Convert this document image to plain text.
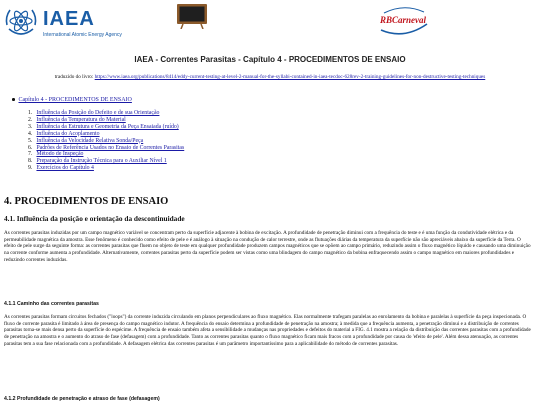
IAEA
International Atomic Energy Agency
RBCarneval
IAEA - Correntes Parasitas - Capítulo 4 - PROCEDIMENTOS DE ENSAIO
traduzido do livro: https://www.iaea.org/publications/8414/eddy-current-testing-at-level-2-manual-for-the-syllabi-contained-in-iaea-tecdoc-628rev-2-training-guidelines-for-non-destructive-testing-techniques
Capítulo 4 - PROCEDIMENTOS DE ENSAIO
1. Influência da Posição do Defeito e de sua Orientação
2. Influência da Temperatura do Material
3. Influência da Estrutura e Geometria da Peça Ensaiada (ruído)
4. Influência do Acoplamento
5. Influência da Velocidade Relativa Sonda/Peça
6. Padrões de Referência Usados no Ensaio de Correntes Parasitas
7. Método de Inspeção
8. Preparação da Instrução Técnica para o Auxiliar Nível 1
9. Exercícios do Capítulo 4
4. PROCEDIMENTOS DE ENSAIO
4.1. Influência da posição e orientação da descontinuidade

As correntes parasitas induzidas por um campo magnético variável se concentram perto da superfície adjacente à bobina de excitação. A profundidade de penetração diminui com a frequência do teste e é uma função da condutividade elétrica e da permeabilidade magnética da amostra. Esse fenômeno é conhecido como efeito de pele e é análogo à situação na condução de calor terrestre, onde as flutuações diárias da temperatura da superfície não são apreciáveis abaixo da superfície da Terra. O efeito de pele surge da seguinte forma: as correntes parasitas que fluem no objeto de teste em qualquer profundidade produzem campos magnéticos que se opõem ao campo primário, reduzindo assim o fluxo magnético líquido e causando uma diminuição na corrente conforme aumenta a profundidade. Alternativamente, correntes parasitas perto da superfície podem ser vistas como uma blindagem do campo magnético da bobina enfraquecendo assim o campo magnético em maiores profundidades e reduzindo correntes induzidas.

4.1.1 Caminho das correntes parasitas

As correntes parasitas formam circuitos fechados ("loops") da corrente induzida circulando em planos perpendiculares ao fluxo magnético. Elas normalmente trafegam paralelas ao enrolamento da bobina e paralelas à superfície da peça inspecionada. O fluxo de corrente parasita é limitado à área de presença do campo magnético indutor. A frequência do ensaio determina a profundidade de penetração na amostra; à medida que a frequência aumenta, a penetração diminui e a distribuição de correntes parasitas torna-se mais densa perto da superfície do espécime. A frequência de ensaio também afeta a sensibilidade a mudanças nas propriedades e defeitos do material a FIG. 4.1 mostra a relação da distribuição das correntes parasitas com a profundidade de penetração na amostra e o aumento do atraso de fase (defasagem) com a profundidade. Tanto as correntes parasitas quanto o fluxo magnético ficam mais fracos com a profundidade por causa do 'efeito de pele'. Além dessa atenuação, as correntes parasitas tem a sua fase relacionada com a profundidade. A defasagem elétrica das correntes parasitas é um parâmetro importantíssimo para a aplicabilidade do método de correntes parasitas.

4.1.2 Profundidade de penetração e atraso de fase (defasagem)
